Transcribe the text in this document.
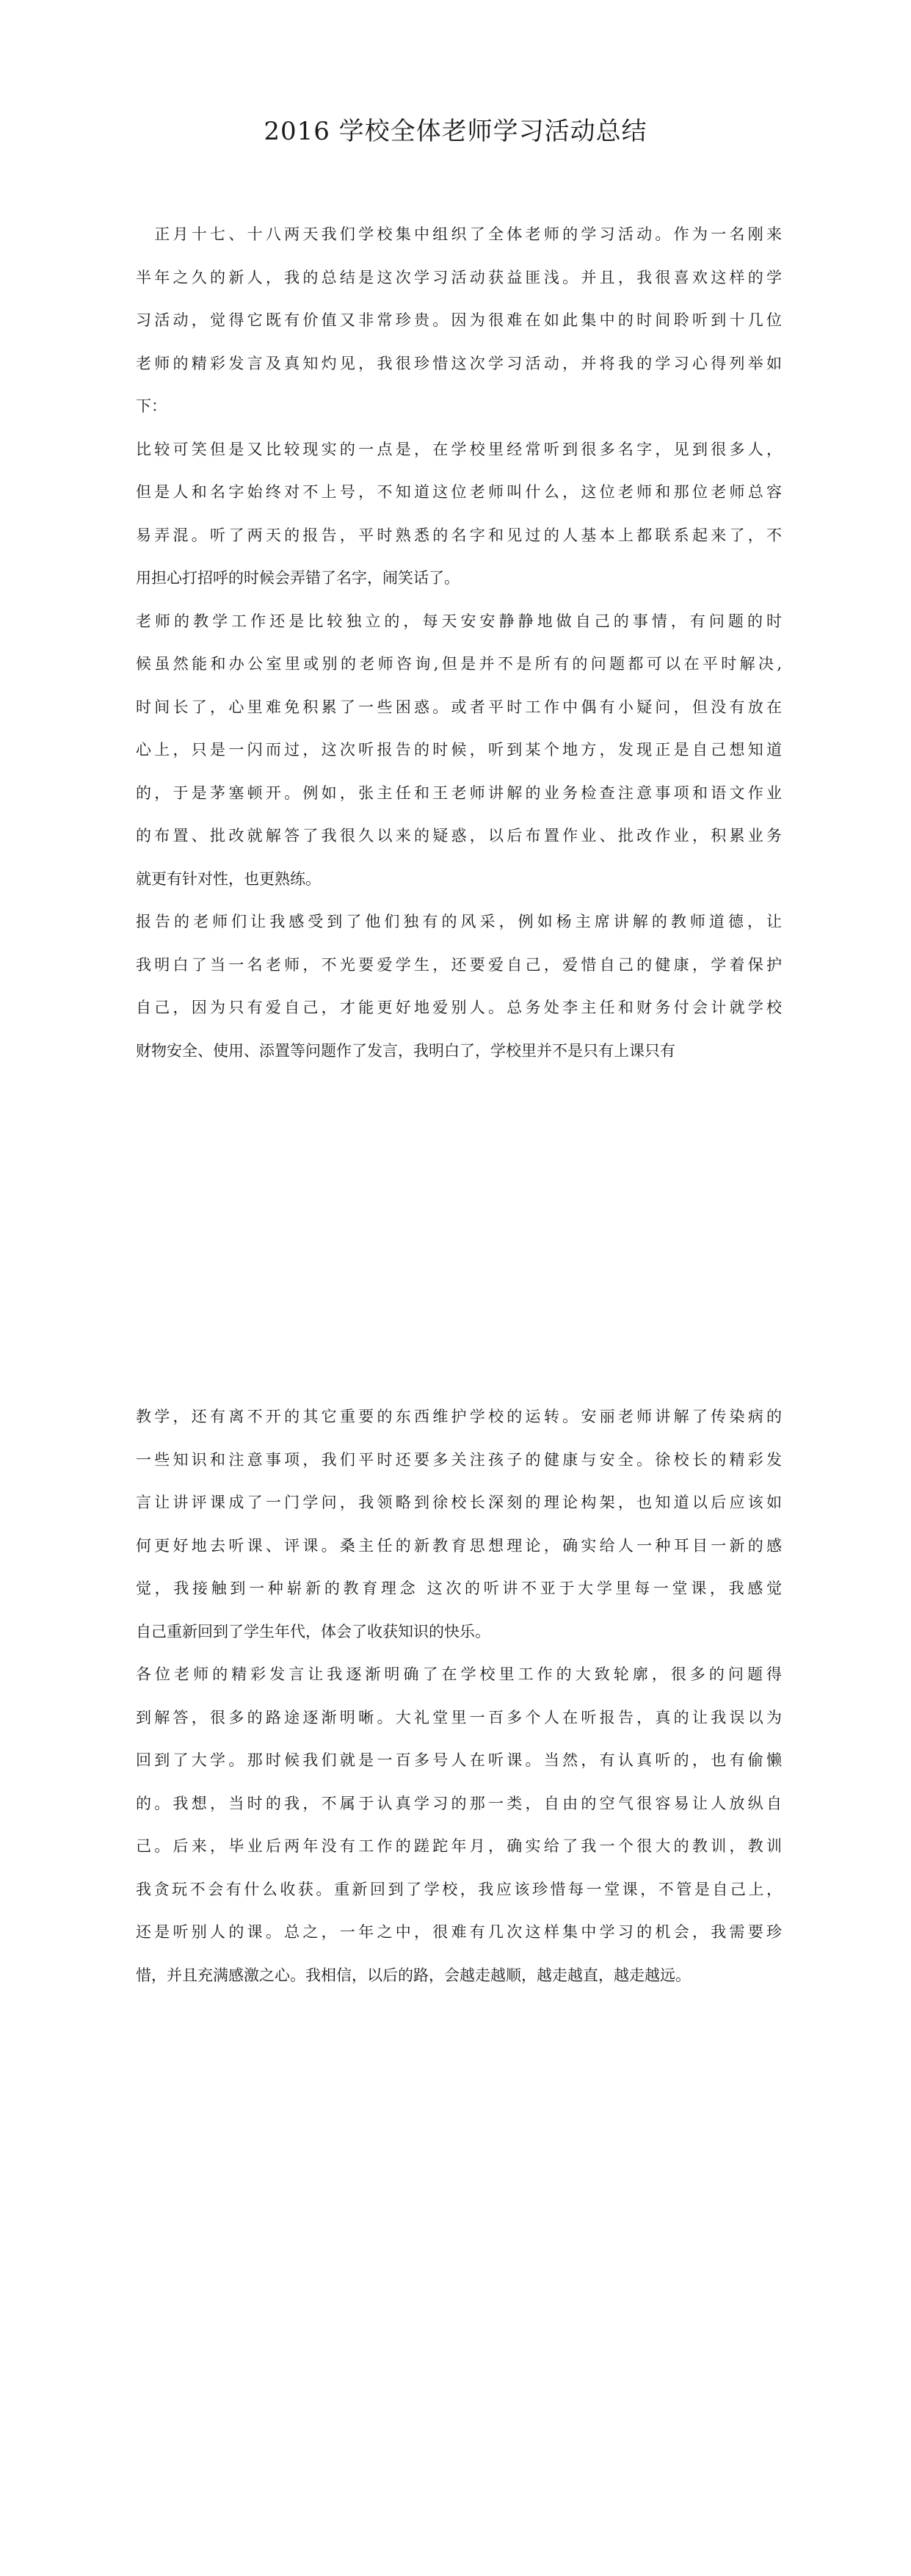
2016 学校全体老师学习活动总结
　正月十七、十八两天我们学校集中组织了全体老师的学习活动。作为一名刚来
半年之久的新人，我的总结是这次学习活动获益匪浅。并且，我很喜欢这样的学
习活动，觉得它既有价值又非常珍贵。因为很难在如此集中的时间聆听到十几位
老师的精彩发言及真知灼见，我很珍惜这次学习活动，并将我的学习心得列举如
下：
比较可笑但是又比较现实的一点是，在学校里经常听到很多名字，见到很多人，
但是人和名字始终对不上号，不知道这位老师叫什么，这位老师和那位老师总容
易弄混。听了两天的报告，平时熟悉的名字和见过的人基本上都联系起来了，不
用担心打招呼的时候会弄错了名字，闹笑话了。
老师的教学工作还是比较独立的，每天安安静静地做自己的事情，有问题的时
候虽然能和办公室里或别的老师咨询,但是并不是所有的问题都可以在平时解决,
时间长了，心里难免积累了一些困惑。或者平时工作中偶有小疑问，但没有放在
心上，只是一闪而过，这次听报告的时候，听到某个地方，发现正是自己想知道
的，于是茅塞顿开。例如，张主任和王老师讲解的业务检查注意事项和语文作业
的布置、批改就解答了我很久以来的疑惑，以后布置作业、批改作业，积累业务
就更有针对性，也更熟练。
报告的老师们让我感受到了他们独有的风采，例如杨主席讲解的教师道德，让
我明白了当一名老师，不光要爱学生，还要爱自己，爱惜自己的健康，学着保护
自己，因为只有爱自己，才能更好地爱别人。总务处李主任和财务付会计就学校
财物安全、使用、添置等问题作了发言，我明白了，学校里并不是只有上课只有
教学，还有离不开的其它重要的东西维护学校的运转。安丽老师讲解了传染病的
一些知识和注意事项，我们平时还要多关注孩子的健康与安全。徐校长的精彩发
言让讲评课成了一门学问，我领略到徐校长深刻的理论构架，也知道以后应该如
何更好地去听课、评课。桑主任的新教育思想理论，确实给人一种耳目一新的感
觉，我接触到一种崭新的教育理念 这次的听讲不亚于大学里每一堂课，我感觉
自己重新回到了学生年代，体会了收获知识的快乐。
各位老师的精彩发言让我逐渐明确了在学校里工作的大致轮廓，很多的问题得
到解答，很多的路途逐渐明晰。大礼堂里一百多个人在听报告，真的让我误以为
回到了大学。那时候我们就是一百多号人在听课。当然，有认真听的，也有偷懒
的。我想，当时的我，不属于认真学习的那一类，自由的空气很容易让人放纵自
己。后来，毕业后两年没有工作的蹉跎年月，确实给了我一个很大的教训，教训
我贪玩不会有什么收获。重新回到了学校，我应该珍惜每一堂课，不管是自己上，
还是听别人的课。总之，一年之中，很难有几次这样集中学习的机会，我需要珍
惜，并且充满感激之心。我相信，以后的路，会越走越顺，越走越直，越走越远。
